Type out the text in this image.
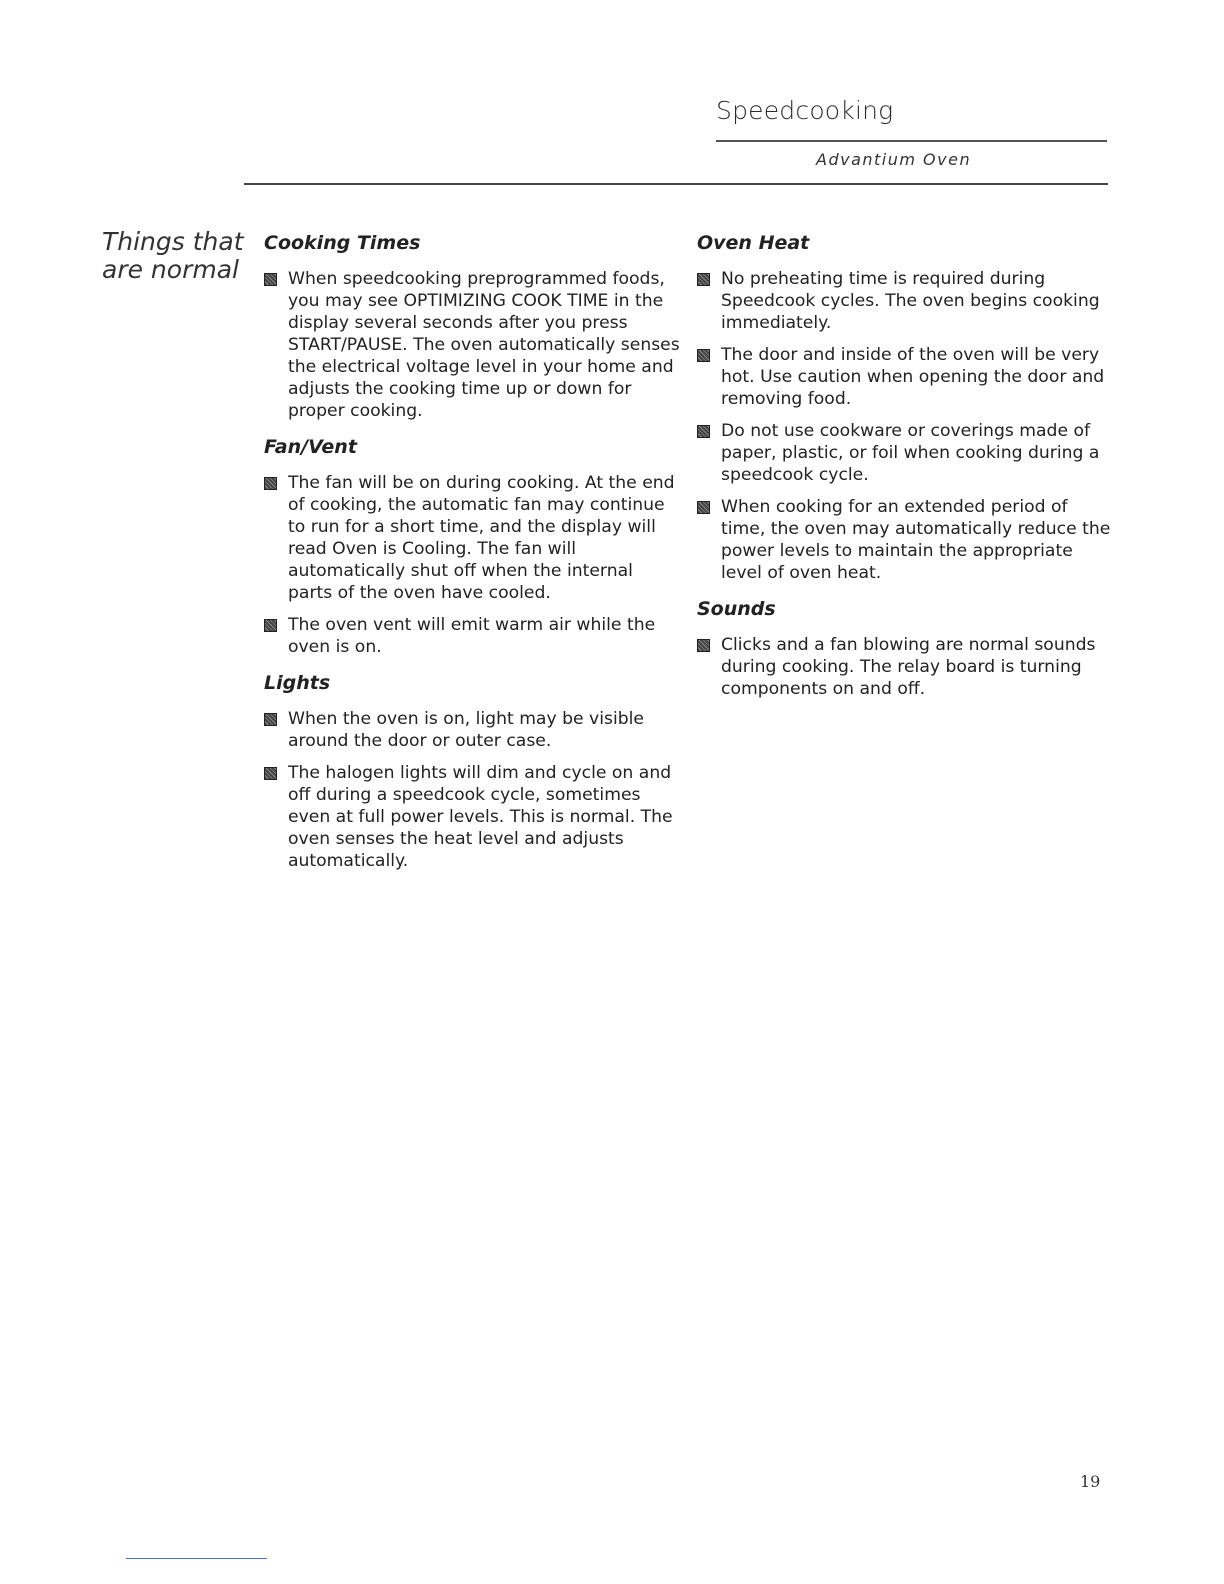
Speedcooking
Advantium Oven
Things that are normal
Cooking Times
When speedcooking preprogrammed foods, you may see OPTIMIZING COOK TIME in the display several seconds after you press START/PAUSE. The oven automatically senses the electrical voltage level in your home and adjusts the cooking time up or down for proper cooking.
Fan/Vent
The fan will be on during cooking. At the end of cooking, the automatic fan may continue to run for a short time, and the display will read Oven is Cooling. The fan will automatically shut off when the internal parts of the oven have cooled.
The oven vent will emit warm air while the oven is on.
Lights
When the oven is on, light may be visible around the door or outer case.
The halogen lights will dim and cycle on and off during a speedcook cycle, sometimes even at full power levels. This is normal. The oven senses the heat level and adjusts automatically.
Oven Heat
No preheating time is required during Speedcook cycles. The oven begins cooking immediately.
The door and inside of the oven will be very hot. Use caution when opening the door and removing food.
Do not use cookware or coverings made of paper, plastic, or foil when cooking during a speedcook cycle.
When cooking for an extended period of time, the oven may automatically reduce the power levels to maintain the appropriate level of oven heat.
Sounds
Clicks and a fan blowing are normal sounds during cooking. The relay board is turning components on and off.
19
